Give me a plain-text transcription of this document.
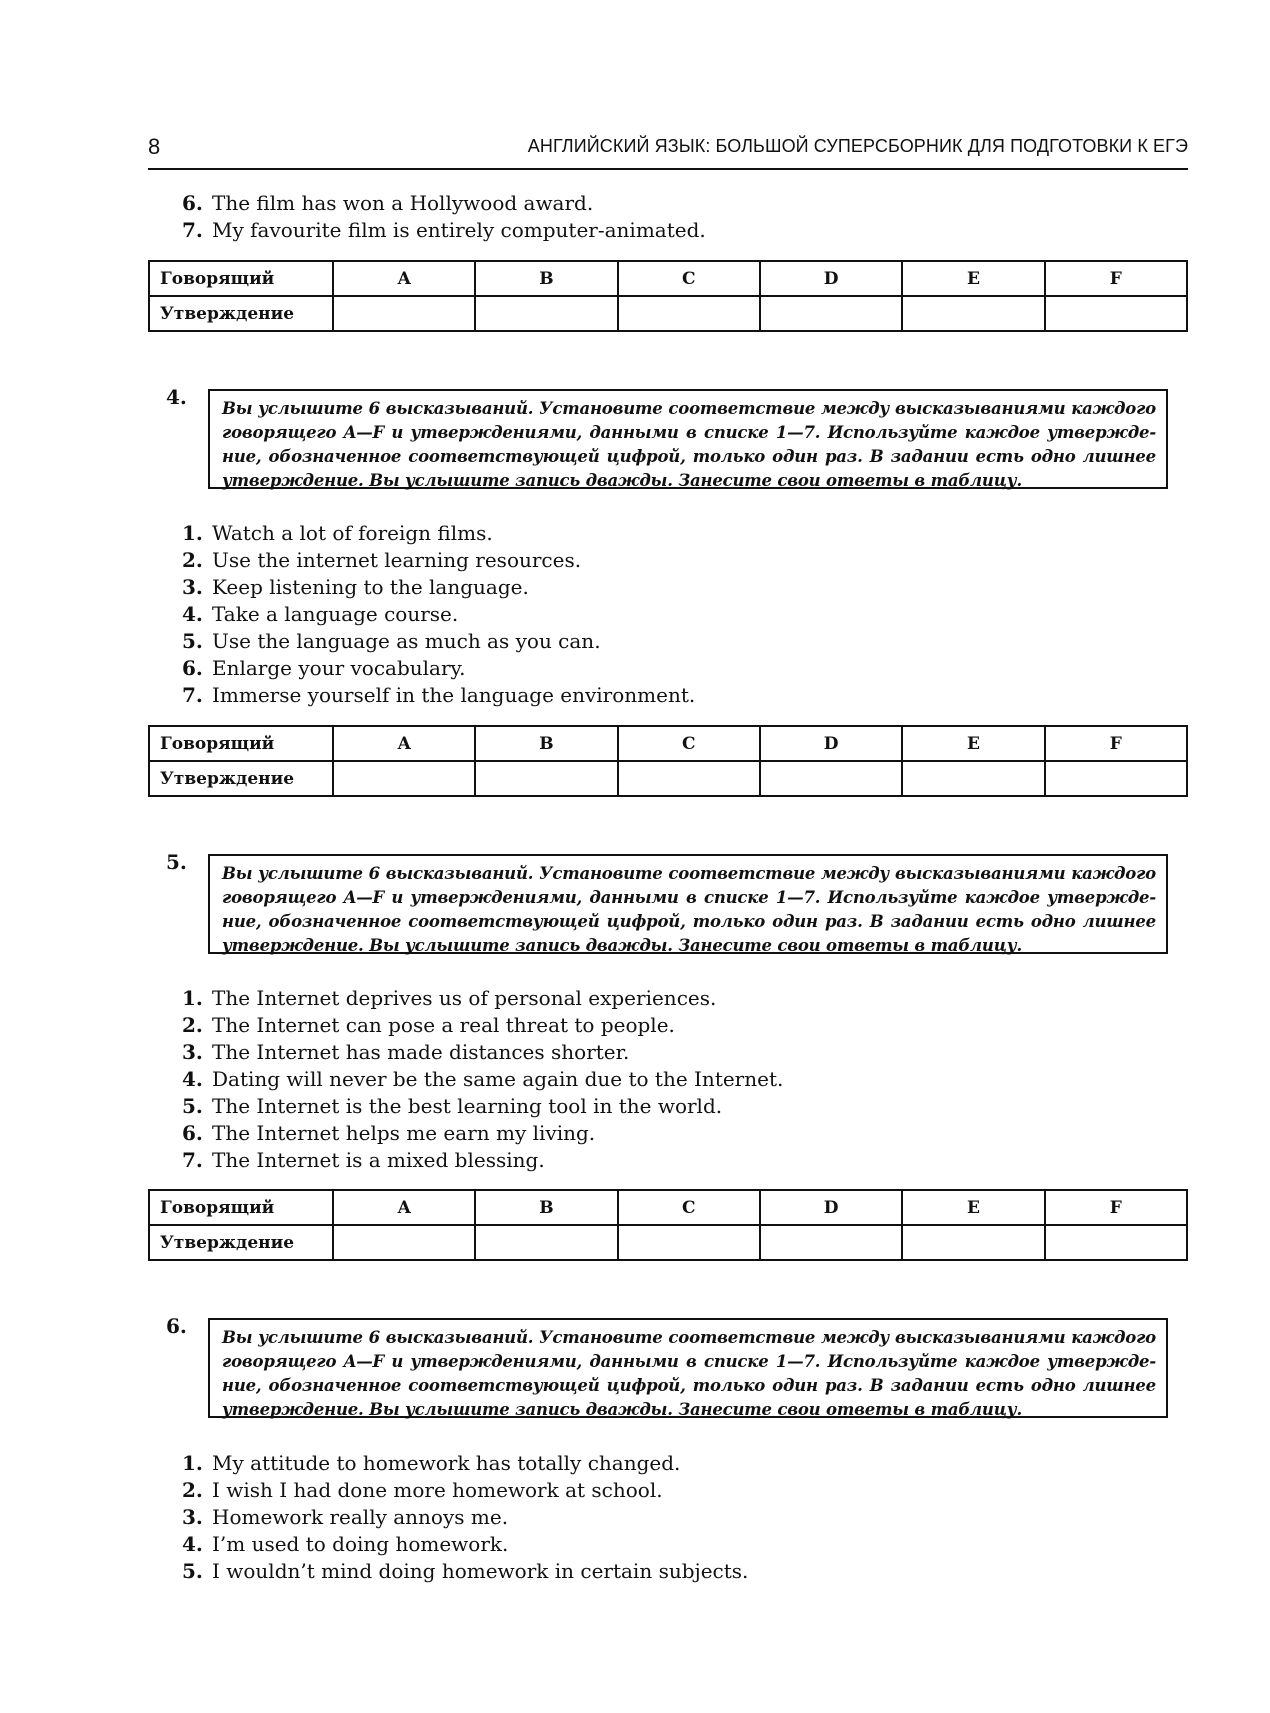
8	АНГЛИЙСКИЙ ЯЗЫК: БОЛЬШОЙ СУПЕРСБОРНИК ДЛЯ ПОДГОТОВКИ К ЕГЭ
6. The film has won a Hollywood award.
7. My favourite film is entirely computer-animated.
Говорящий	A	B	C	D	E	F
Утверждение						
4.	Вы услышите 6 высказываний. Установите соответствие между высказываниями каждого говорящего A—F и утверждениями, данными в списке 1—7. Используйте каждое утвержде-ние, обозначенное соответствующей цифрой, только один раз. В задании есть одно лишнее утверждение. Вы услышите запись дважды. Занесите свои ответы в таблицу.
1. Watch a lot of foreign films.
2. Use the internet learning resources.
3. Keep listening to the language.
4. Take a language course.
5. Use the language as much as you can.
6. Enlarge your vocabulary.
7. Immerse yourself in the language environment.
Говорящий	A	B	C	D	E	F
Утверждение						
5.	Вы услышите 6 высказываний. Установите соответствие между высказываниями каждого говорящего A—F и утверждениями, данными в списке 1—7. Используйте каждое утвержде-ние, обозначенное соответствующей цифрой, только один раз. В задании есть одно лишнее утверждение. Вы услышите запись дважды. Занесите свои ответы в таблицу.
1. The Internet deprives us of personal experiences.
2. The Internet can pose a real threat to people.
3. The Internet has made distances shorter.
4. Dating will never be the same again due to the Internet.
5. The Internet is the best learning tool in the world.
6. The Internet helps me earn my living.
7. The Internet is a mixed blessing.
Говорящий	A	B	C	D	E	F
Утверждение						
6.	Вы услышите 6 высказываний. Установите соответствие между высказываниями каждого говорящего A—F и утверждениями, данными в списке 1—7. Используйте каждое утвержде-ние, обозначенное соответствующей цифрой, только один раз. В задании есть одно лишнее утверждение. Вы услышите запись дважды. Занесите свои ответы в таблицу.
1. My attitude to homework has totally changed.
2. I wish I had done more homework at school.
3. Homework really annoys me.
4. I’m used to doing homework.
5. I wouldn’t mind doing homework in certain subjects.
